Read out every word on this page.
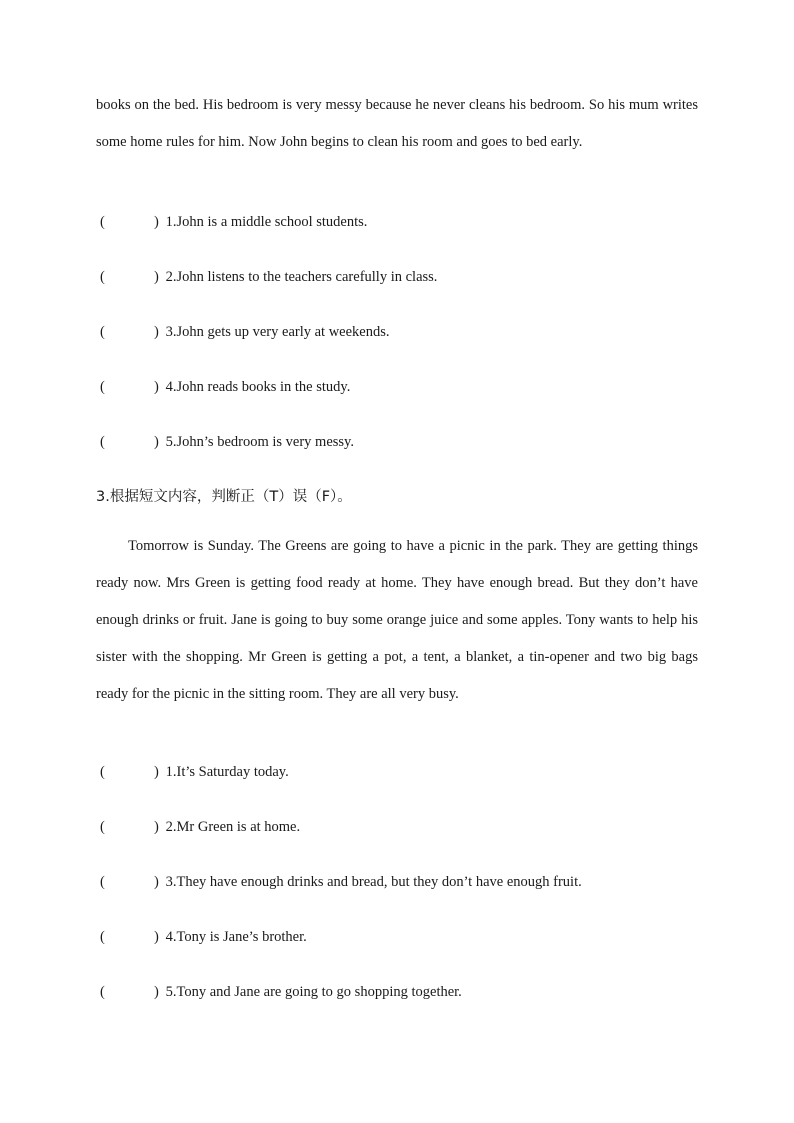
books on the bed. His bedroom is very messy because he never cleans his bedroom. So his mum writes some home rules for him. Now John begins to clean his room and goes to bed early.

(	) 1.John is a middle school students.
(	) 2.John listens to the teachers carefully in class.
(	) 3.John gets up very early at weekends.
(	) 4.John reads books in the study.
(	) 5.John’s bedroom is very messy.
3.根据短文内容，判断正（T）误（F）。

Tomorrow is Sunday. The Greens are going to have a picnic in the park. They are getting things ready now. Mrs Green is getting food ready at home. They have enough bread. But they don’t have enough drinks or fruit. Jane is going to buy some orange juice and some apples. Tony wants to help his sister with the shopping. Mr Green is getting a pot, a tent, a blanket, a tin-opener and two big bags ready for the picnic in the sitting room. They are all very busy.

(	) 1.It’s Saturday today.
(	) 2.Mr Green is at home.
(	) 3.They have enough drinks and bread, but they don’t have enough fruit.
(	) 4.Tony is Jane’s brother.
(	) 5.Tony and Jane are going to go shopping together.
